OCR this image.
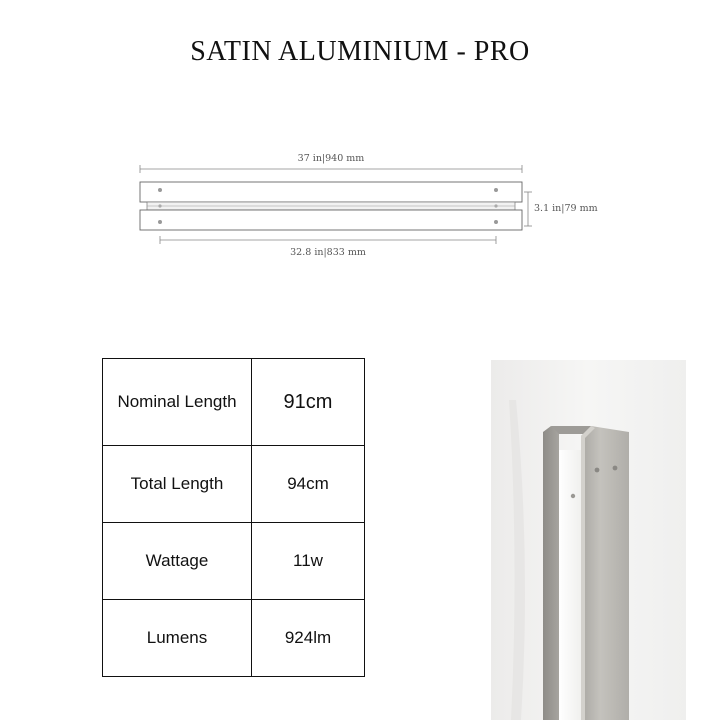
SATIN ALUMINIUM - PRO
37 in|940 mm
3.1 in|79 mm
32.8 in|833 mm
Nominal Length	91cm
Total Length	94cm
Wattage	11w
Lumens	924lm
